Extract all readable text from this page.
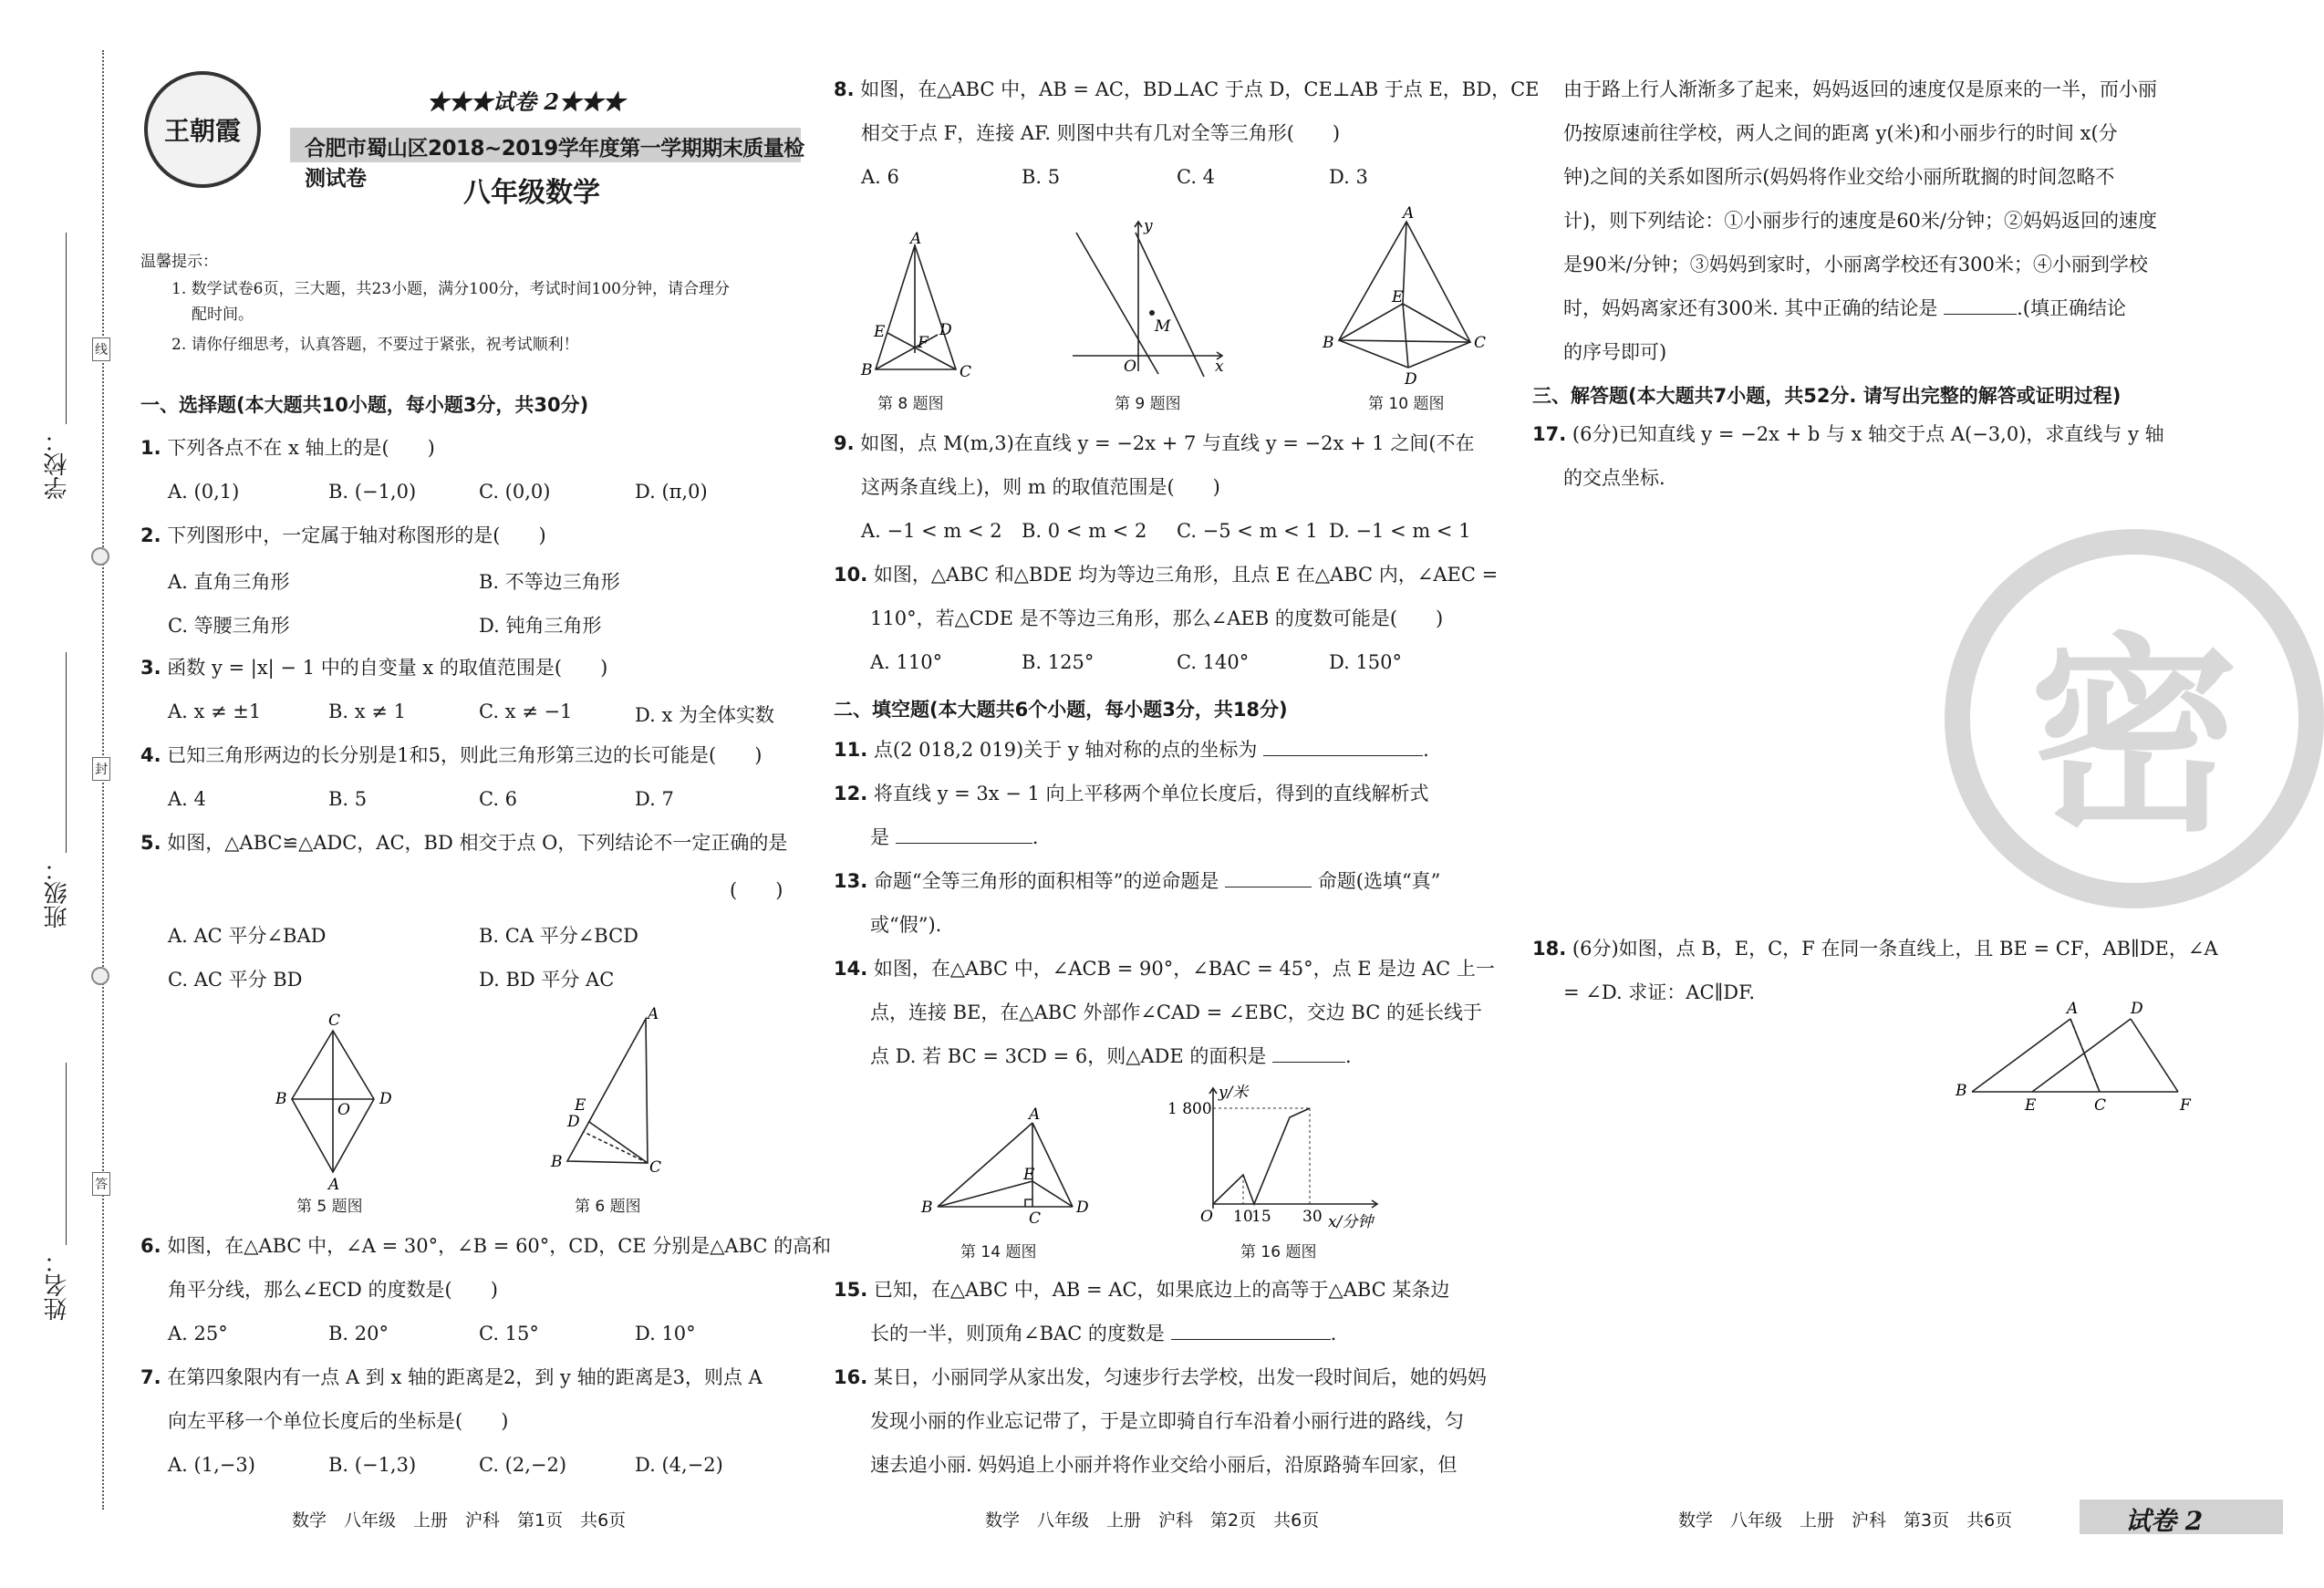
学校：
班级：
姓名：
线
封
答
王朝霞
★★★试卷 2★★★
合肥市蜀山区2018~2019学年度第一学期期末质量检测试卷	八年级数学
温馨提示：
1. 数学试卷6页，三大题，共23小题，满分100分，考试时间100分钟，请合理分
配时间。
2. 请你仔细思考，认真答题，不要过于紧张，祝考试顺利！
一、选择题(本大题共10小题，每小题3分，共30分)
1. 下列各点不在 x 轴上的是(　　)
A. (0,1)	B. (−1,0)	C. (0,0)	D. (π,0)
2. 下列图形中，一定属于轴对称图形的是(　　)
A. 直角三角形	B. 不等边三角形
C. 等腰三角形	D. 钝角三角形
3. 函数 y = |x| − 1 中的自变量 x 的取值范围是(　　)
A. x ≠ ±1	B. x ≠ 1	C. x ≠ −1	D. x 为全体实数
4. 已知三角形两边的长分别是1和5，则此三角形第三边的长可能是(　　)
A. 4	B. 5	C. 6	D. 7
5. 如图，△ABC≌△ADC，AC，BD 相交于点 O，下列结论不一定正确的是
(　　)
A. AC 平分∠BAD	B. CA 平分∠BCD
C. AC 平分 BD	D. BD 平分 AC
C
B	D
O
A
第 5 题图
A
E
D
B	C
第 6 题图
6. 如图，在△ABC 中，∠A = 30°，∠B = 60°，CD，CE 分别是△ABC 的高和
角平分线，那么∠ECD 的度数是(　　)
A. 25°	B. 20°	C. 15°	D. 10°
7. 在第四象限内有一点 A 到 x 轴的距离是2，到 y 轴的距离是3，则点 A
向左平移一个单位长度后的坐标是(　　)
A. (1,−3)	B. (−1,3)	C. (2,−2)	D. (4,−2)
数学　八年级　上册　沪科　第1页　共6页
8. 如图，在△ABC 中，AB = AC，BD⊥AC 于点 D，CE⊥AB 于点 E，BD，CE
相交于点 F，连接 AF. 则图中共有几对全等三角形(　　)
A. 6	B. 5	C. 4	D. 3
A
E	D
F
B	C
第 8 题图
y
M
O	x
第 9 题图
A
E
B	C
D
第 10 题图
9. 如图，点 M(m,3)在直线 y = −2x + 7 与直线 y = −2x + 1 之间(不在
这两条直线上)，则 m 的取值范围是(　　)
A. −1 < m < 2 B. 0 < m < 2 C. −5 < m < 1 D. −1 < m < 1
10. 如图，△ABC 和△BDE 均为等边三角形，且点 E 在△ABC 内，∠AEC =
110°，若△CDE 是不等边三角形，那么∠AEB 的度数可能是(　　)
A. 110°	B. 125°	C. 140°	D. 150°
二、填空题(本大题共6个小题，每小题3分，共18分)
11. 点(2 018,2 019)关于 y 轴对称的点的坐标为	.
12. 将直线 y = 3x − 1 向上平移两个单位长度后，得到的直线解析式
是	.
13. 命题“全等三角形的面积相等”的逆命题是	命题(选填“真”
或“假”).
14. 如图，在△ABC 中，∠ACB = 90°，∠BAC = 45°，点 E 是边 AC 上一
点，连接 BE，在△ABC 外部作∠CAD = ∠EBC，交边 BC 的延长线于
点 D. 若 BC = 3CD = 6，则△ADE 的面积是	.
A
E
B
C
D
第 14 题图
y/米
1 800
O 10
15 30 x/分钟
第 16 题图
15. 已知，在△ABC 中，AB = AC，如果底边上的高等于△ABC 某条边
长的一半，则顶角∠BAC 的度数是	.
16. 某日，小丽同学从家出发，匀速步行去学校，出发一段时间后，她的妈妈
发现小丽的作业忘记带了，于是立即骑自行车沿着小丽行进的路线，匀
速去追小丽. 妈妈追上小丽并将作业交给小丽后，沿原路骑车回家，但
数学　八年级　上册　沪科　第2页　共6页
密
由于路上行人渐渐多了起来，妈妈返回的速度仅是原来的一半，而小丽
仍按原速前往学校，两人之间的距离 y(米)和小丽步行的时间 x(分
钟)之间的关系如图所示(妈妈将作业交给小丽所耽搁的时间忽略不
计)，则下列结论：①小丽步行的速度是60米/分钟；②妈妈返回的速度
是90米/分钟；③妈妈到家时，小丽离学校还有300米；④小丽到学校
时，妈妈离家还有300米. 其中正确的结论是	.(填正确结论
的序号即可)
三、解答题(本大题共7小题，共52分. 请写出完整的解答或证明过程)
17. (6分)已知直线 y = −2x + b 与 x 轴交于点 A(−3,0)，求直线与 y 轴
的交点坐标.
18. (6分)如图，点 B，E，C，F 在同一条直线上，且 BE = CF，AB∥DE，∠A
= ∠D. 求证：AC∥DF.
A	D
B
E	C	F
数学　八年级　上册　沪科　第3页　共6页	试卷 2
